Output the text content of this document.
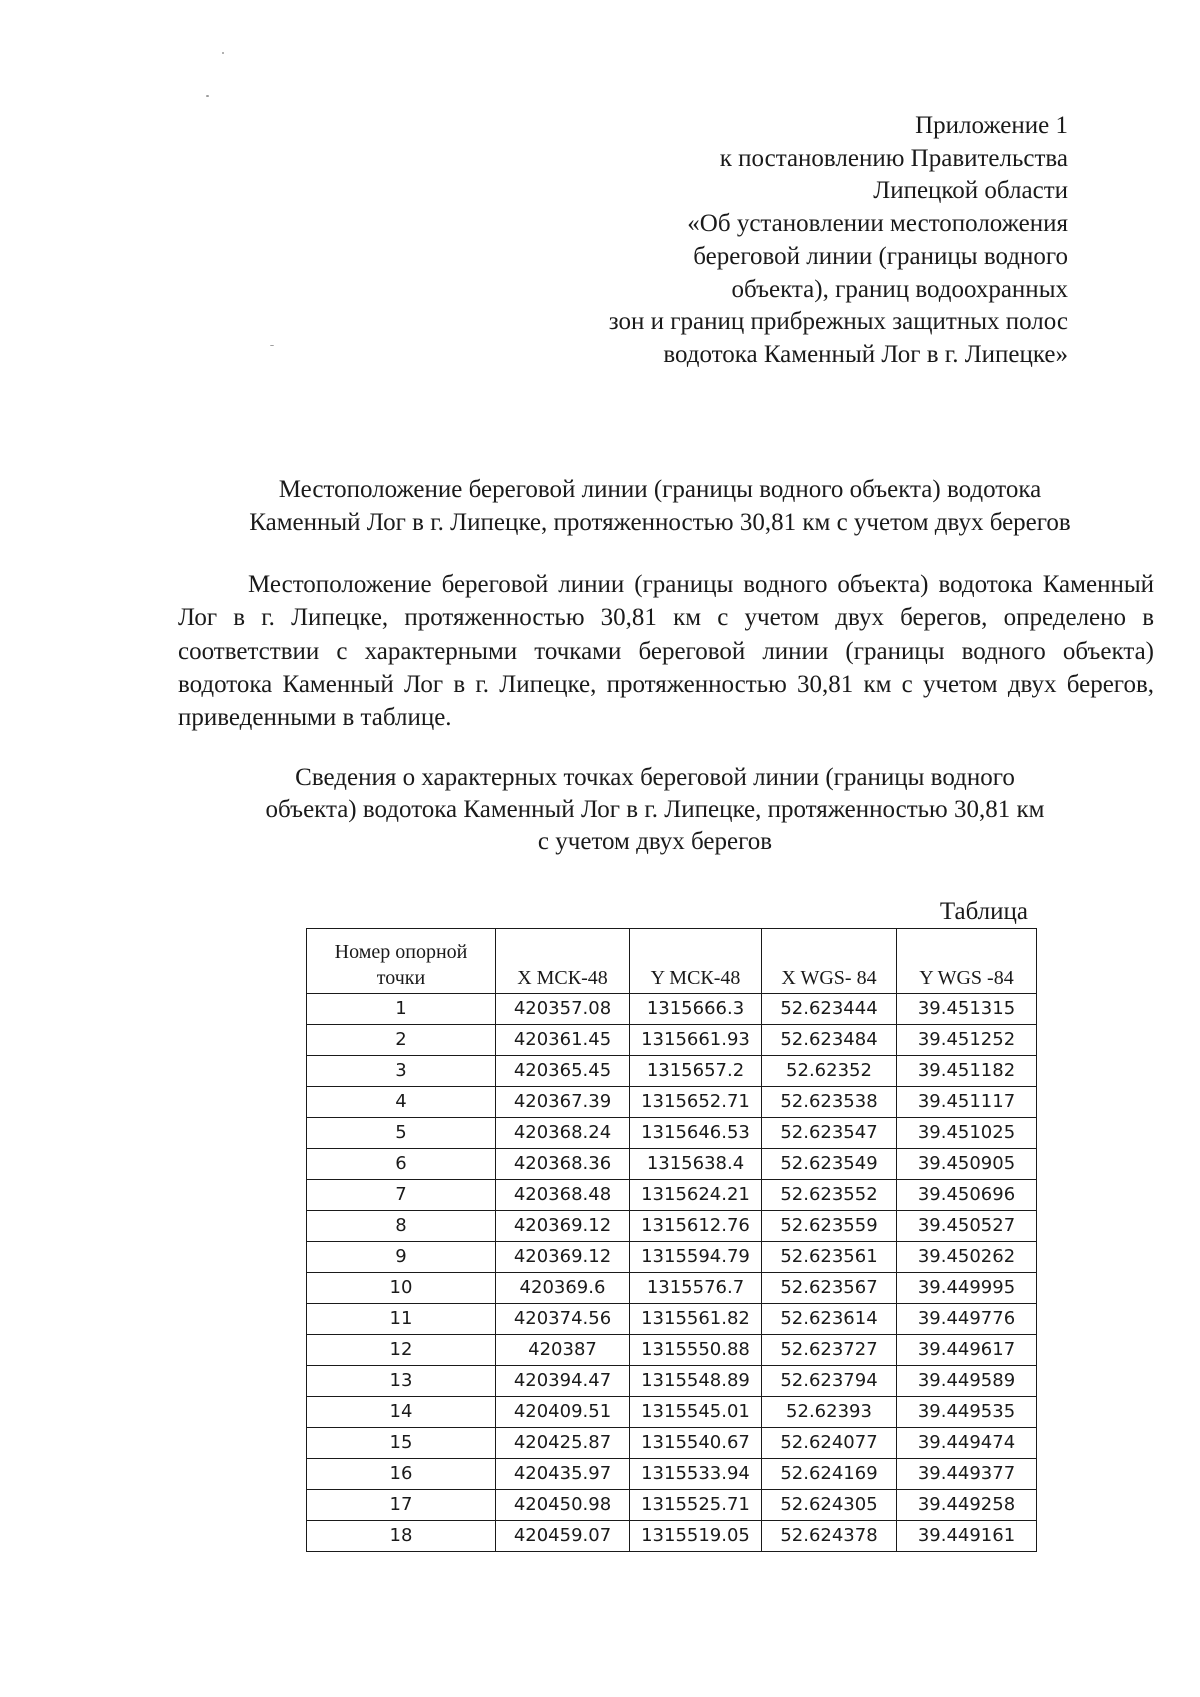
Приложение 1
к постановлению Правительства
Липецкой области
«Об установлении местоположения
береговой линии (границы водного
объекта), границ водоохранных
зон и границ прибрежных защитных полос
водотока Каменный Лог в г. Липецке»
Местоположение береговой линии (границы водного объекта) водотока
Каменный Лог в г. Липецке, протяженностью 30,81 км с учетом двух берегов
Местоположение береговой линии (границы водного объекта) водотока Каменный Лог в г. Липецке, протяженностью 30,81 км с учетом двух берегов, определено в соответствии с характерными точками береговой линии (границы водного объекта) водотока Каменный Лог в г. Липецке, протяженностью 30,81 км с учетом двух берегов, приведенными в таблице.
Сведения о характерных точках береговой линии (границы водного
объекта) водотока Каменный Лог в г. Липецке, протяженностью 30,81 км
с учетом двух берегов
Таблица
Номер опорной
точки	X МСК-48	Y МСК-48	X WGS- 84	Y WGS -84
1	420357.08	1315666.3	52.623444	39.451315
2	420361.45	1315661.93	52.623484	39.451252
3	420365.45	1315657.2	52.62352	39.451182
4	420367.39	1315652.71	52.623538	39.451117
5	420368.24	1315646.53	52.623547	39.451025
6	420368.36	1315638.4	52.623549	39.450905
7	420368.48	1315624.21	52.623552	39.450696
8	420369.12	1315612.76	52.623559	39.450527
9	420369.12	1315594.79	52.623561	39.450262
10	420369.6	1315576.7	52.623567	39.449995
11	420374.56	1315561.82	52.623614	39.449776
12	420387	1315550.88	52.623727	39.449617
13	420394.47	1315548.89	52.623794	39.449589
14	420409.51	1315545.01	52.62393	39.449535
15	420425.87	1315540.67	52.624077	39.449474
16	420435.97	1315533.94	52.624169	39.449377
17	420450.98	1315525.71	52.624305	39.449258
18	420459.07	1315519.05	52.624378	39.449161
